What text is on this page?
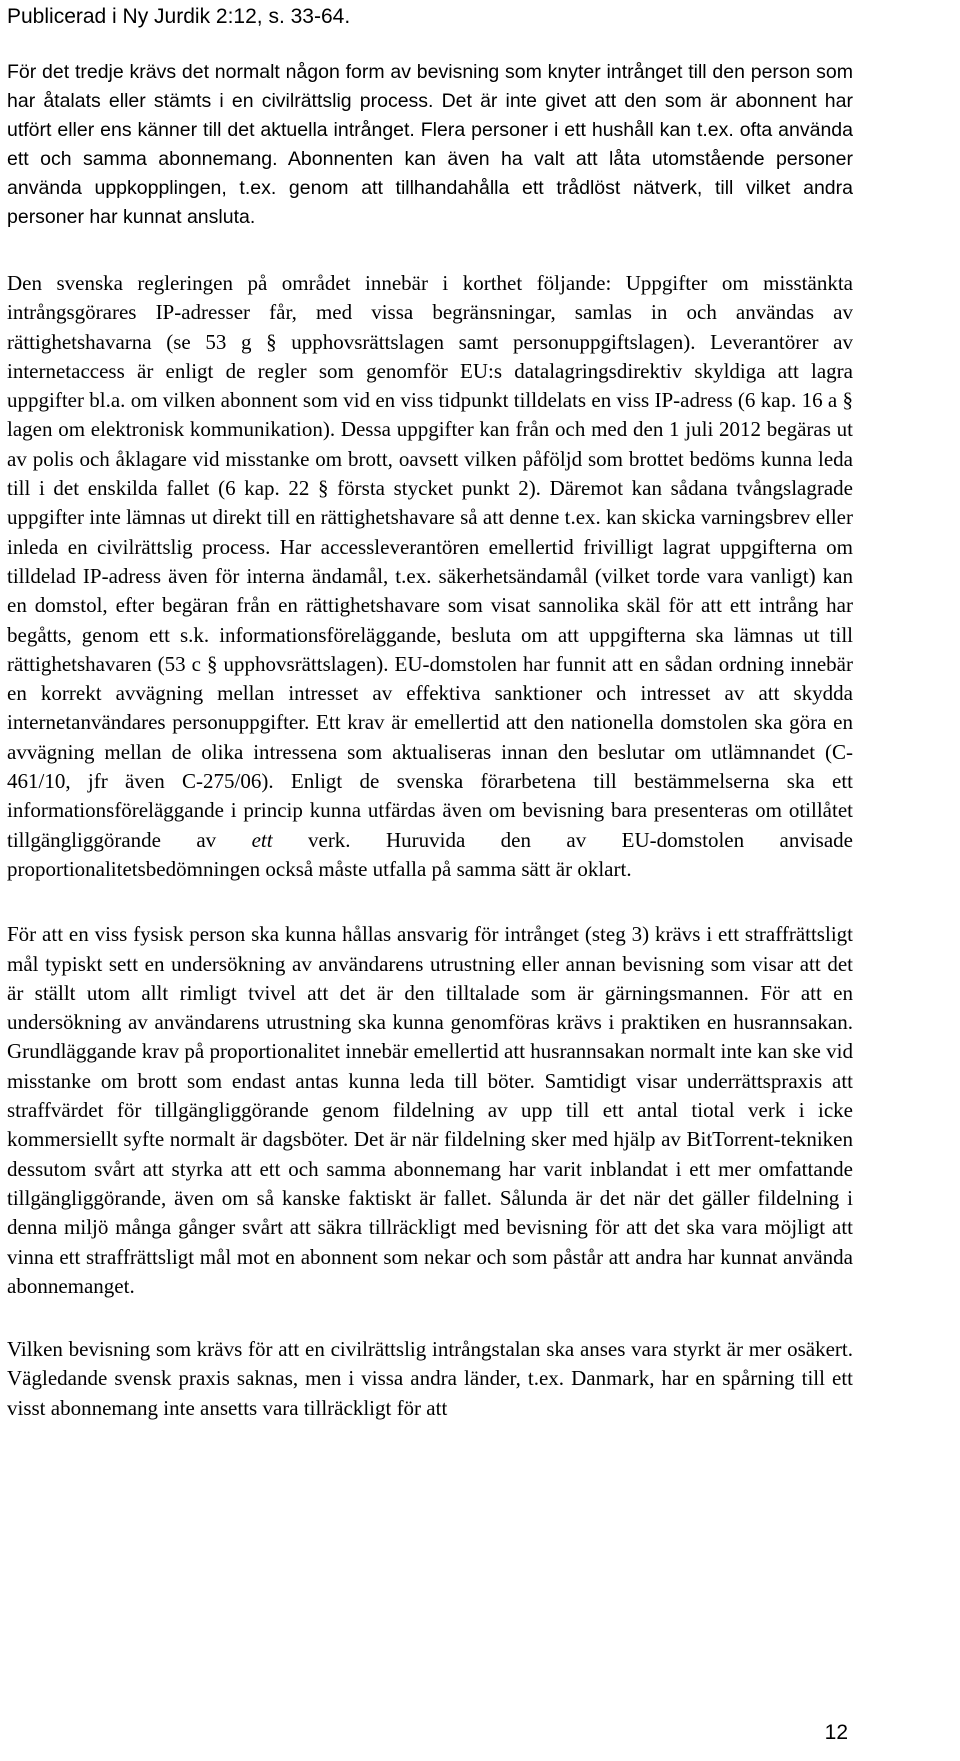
Publicerad i Ny Jurdik 2:12, s. 33-64.

För det tredje krävs det normalt någon form av bevisning som knyter intrånget till den person som har åtalats eller stämts i en civilrättslig process. Det är inte givet att den som är abonnent har utfört eller ens känner till det aktuella intrånget. Flera personer i ett hushåll kan t.ex. ofta använda ett och samma abonnemang. Abonnenten kan även ha valt att låta utomstående personer använda uppkopplingen, t.ex. genom att tillhandahålla ett trådlöst nätverk, till vilket andra personer har kunnat ansluta.

Den svenska regleringen på området innebär i korthet följande: Uppgifter om misstänkta intrångsgörares IP-adresser får, med vissa begränsningar, samlas in och användas av rättighetshavarna (se 53 g § upphovsrättslagen samt personuppgiftslagen). Leverantörer av internetaccess är enligt de regler som genomför EU:s datalagringsdirektiv skyldiga att lagra uppgifter bl.a. om vilken abonnent som vid en viss tidpunkt tilldelats en viss IP-adress (6 kap. 16 a § lagen om elektronisk kommunikation). Dessa uppgifter kan från och med den 1 juli 2012 begäras ut av polis och åklagare vid misstanke om brott, oavsett vilken påföljd som brottet bedöms kunna leda till i det enskilda fallet (6 kap. 22 § första stycket punkt 2). Däremot kan sådana tvångslagrade uppgifter inte lämnas ut direkt till en rättighetshavare så att denne t.ex. kan skicka varningsbrev eller inleda en civilrättslig process. Har accessleverantören emellertid frivilligt lagrat uppgifterna om tilldelad IP-adress även för interna ändamål, t.ex. säkerhetsändamål (vilket torde vara vanligt) kan en domstol, efter begäran från en rättighetshavare som visat sannolika skäl för att ett intrång har begåtts, genom ett s.k. informationsföreläggande, besluta om att uppgifterna ska lämnas ut till rättighetshavaren (53 c § upphovsrättslagen). EU-domstolen har funnit att en sådan ordning innebär en korrekt avvägning mellan intresset av effektiva sanktioner och intresset av att skydda internetanvändares personuppgifter. Ett krav är emellertid att den nationella domstolen ska göra en avvägning mellan de olika intressena som aktualiseras innan den beslutar om utlämnandet (C-461/10, jfr även C-275/06). Enligt de svenska förarbetena till bestämmelserna ska ett informationsföreläggande i princip kunna utfärdas även om bevisning bara presenteras om otillåtet tillgängliggörande av ett verk. Huruvida den av EU-domstolen anvisade proportionalitetsbedömningen också måste utfalla på samma sätt är oklart.

För att en viss fysisk person ska kunna hållas ansvarig för intrånget (steg 3) krävs i ett straffrättsligt mål typiskt sett en undersökning av användarens utrustning eller annan bevisning som visar att det är ställt utom allt rimligt tvivel att det är den tilltalade som är gärningsmannen. För att en undersökning av användarens utrustning ska kunna genomföras krävs i praktiken en husrannsakan. Grundläggande krav på proportionalitet innebär emellertid att husrannsakan normalt inte kan ske vid misstanke om brott som endast antas kunna leda till böter. Samtidigt visar underrättspraxis att straffvärdet för tillgängliggörande genom fildelning av upp till ett antal tiotal verk i icke kommersiellt syfte normalt är dagsböter. Det är när fildelning sker med hjälp av BitTorrent-tekniken dessutom svårt att styrka att ett och samma abonnemang har varit inblandat i ett mer omfattande tillgängliggörande, även om så kanske faktiskt är fallet. Sålunda är det när det gäller fildelning i denna miljö många gånger svårt att säkra tillräckligt med bevisning för att det ska vara möjligt att vinna ett straffrättsligt mål mot en abonnent som nekar och som påstår att andra har kunnat använda abonnemanget.

Vilken bevisning som krävs för att en civilrättslig intrångstalan ska anses vara styrkt är mer osäkert. Vägledande svensk praxis saknas, men i vissa andra länder, t.ex. Danmark, har en spårning till ett visst abonnemang inte ansetts vara tillräckligt för att

12
